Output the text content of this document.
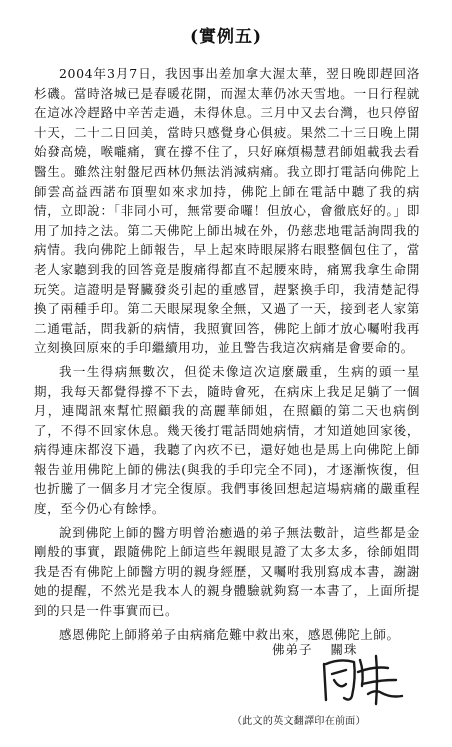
(實例五)

2004年3月7日，我因事出差加拿大渥太華，翌日晚即趕回洛杉磯。當時洛城已是春暖花開，而渥太華仍冰天雪地。一日行程就在這冰冷趕路中辛苦走過，未得休息。三月中又去台灣，也只停留十天，二十二日回美，當時只感覺身心俱疲。果然二十三日晚上開始發高燒，喉嚨痛，實在撐不住了，只好麻煩楊慧君師姐載我去看醫生。雖然注射盤尼西林仍無法消減病痛。我立即打電話向佛陀上師雲高益西諾布頂聖如來求加持，佛陀上師在電話中聽了我的病情，立即說：「非同小可，無常要命囉！但放心，會徹底好的。」即用了加持之法。第二天佛陀上師出城在外，仍慈悲地電話詢問我的病情。我向佛陀上師報告，早上起來時眼屎將右眼整個包住了，當老人家聽到我的回答竟是腹痛得都直不起腰來時，痛罵我拿生命開玩笑。這證明是腎臟發炎引起的重感冒，趕緊換手印，我清楚記得換了兩種手印。第二天眼屎現象全無，又過了一天，接到老人家第二通電話，問我新的病情，我照實回答，佛陀上師才放心囑咐我再立刻換回原來的手印繼續用功，並且警告我這次病痛是會要命的。

我一生得病無數次，但從未像這次這麼嚴重，生病的頭一星期，我每天都覺得撐不下去，隨時會死，在病床上我足足躺了一個月，連聞訊來幫忙照顧我的高麗華師姐，在照顧的第二天也病倒了，不得不回家休息。幾天後打電話問她病情，才知道她回家後，病得連床都沒下過，我聽了內疚不已，還好她也是馬上向佛陀上師報告並用佛陀上師的佛法(與我的手印完全不同)，才逐漸恢復，但也折騰了一個多月才完全復原。我們事後回想起這場病痛的嚴重程度，至今仍心有餘悸。

說到佛陀上師的醫方明曾治癒過的弟子無法數計，這些都是金剛般的事實，跟隨佛陀上師這些年親眼見證了太多太多，徐師姐問我是否有佛陀上師醫方明的親身經歷，又囑咐我別寫成本書，謝謝她的提醒，不然光是我本人的親身體驗就夠寫一本書了，上面所提到的只是一件事實而已。

感恩佛陀上師將弟子由病痛危難中救出來，感恩佛陀上師。

佛弟子 關珠
（此文的英文翻譯印在前面）
